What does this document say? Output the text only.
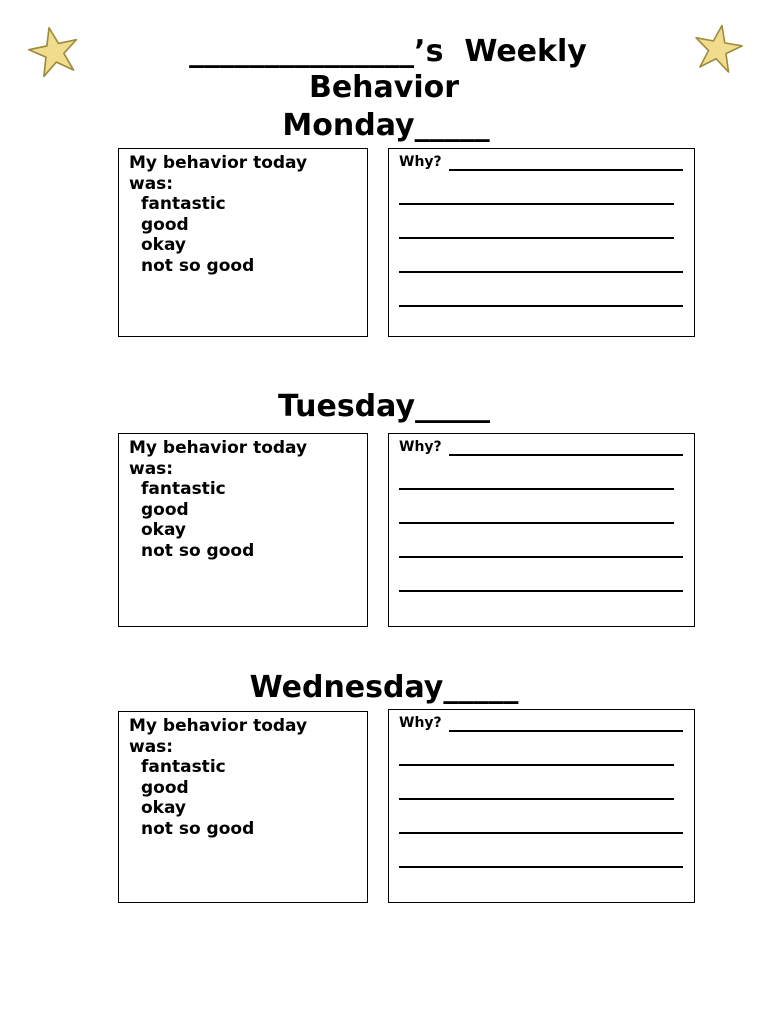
_______________’s  Weekly
Behavior
Monday_____
My behavior today
was:
fantastic
good
okay
not so good
Why?
Tuesday_____
My behavior today
was:
fantastic
good
okay
not so good
Why?
Wednesday_____
My behavior today
was:
fantastic
good
okay
not so good
Why?
